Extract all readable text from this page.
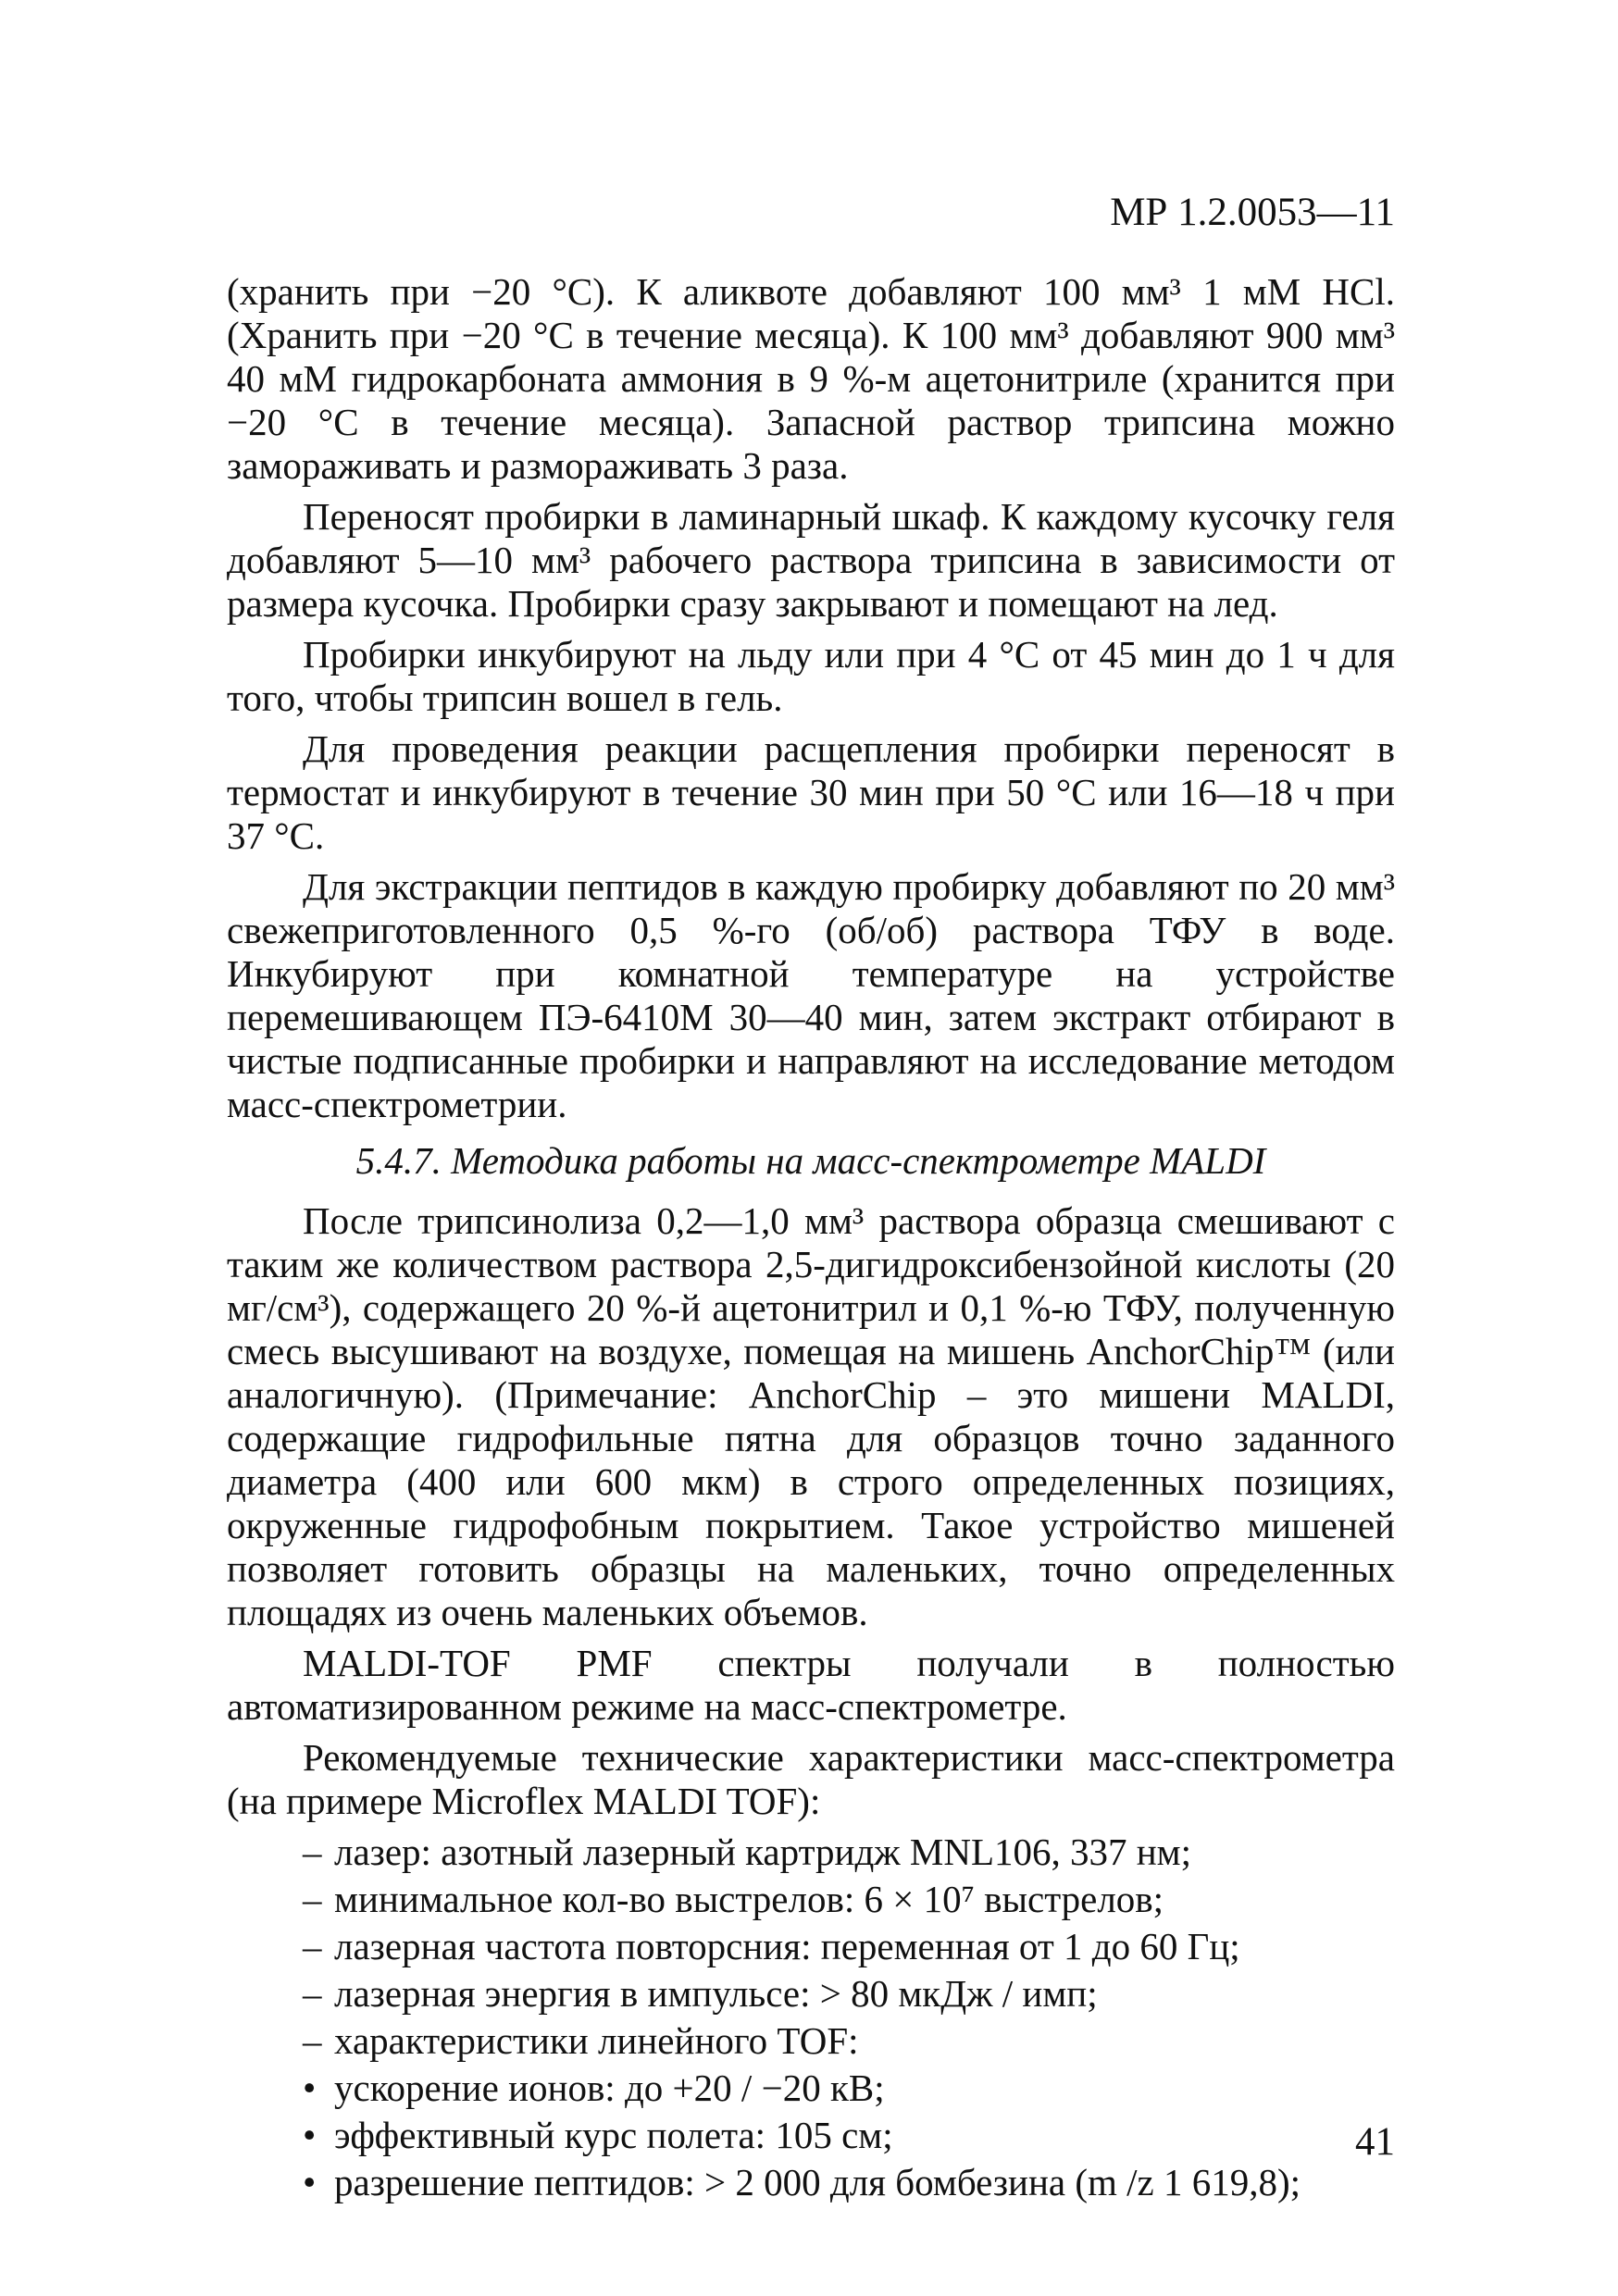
МР 1.2.0053—11

(хранить при −20 °С). К аликвоте добавляют 100 мм³ 1 мМ НСl. (Хранить при −20 °С в течение месяца). К 100 мм³ добавляют 900 мм³ 40 мМ гидрокарбоната аммония в 9 %-м ацетонитриле (хранится при −20 °С в течение месяца). Запасной раствор трипсина можно замораживать и размораживать 3 раза.

Переносят пробирки в ламинарный шкаф. К каждому кусочку геля добавляют 5—10 мм³ рабочего раствора трипсина в зависимости от размера кусочка. Пробирки сразу закрывают и помещают на лед.

Пробирки инкубируют на льду или при 4 °С от 45 мин до 1 ч для того, чтобы трипсин вошел в гель.

Для проведения реакции расщепления пробирки переносят в термостат и инкубируют в течение 30 мин при 50 °С или 16—18 ч при 37 °С.

Для экстракции пептидов в каждую пробирку добавляют по 20 мм³ свежеприготовленного 0,5 %-го (об/об) раствора ТФУ в воде. Инкубируют при комнатной температуре на устройстве перемешивающем ПЭ-6410М 30—40 мин, затем экстракт отбирают в чистые подписанные пробирки и направляют на исследование методом масс-спектрометрии.

5.4.7. Методика работы на масс-спектрометре MALDI

После трипсинолиза 0,2—1,0 мм³ раствора образца смешивают с таким же количеством раствора 2,5-дигидроксибензойной кислоты (20 мг/см³), содержащего 20 %-й ацетонитрил и 0,1 %-ю ТФУ, полученную смесь высушивают на воздухе, помещая на мишень AnchorChip™ (или аналогичную). (Примечание: AnchorChip – это мишени MALDI, содержащие гидрофильные пятна для образцов точно заданного диаметра (400 или 600 мкм) в строго определенных позициях, окруженные гидрофобным покрытием. Такое устройство мишеней позволяет готовить образцы на маленьких, точно определенных площадях из очень маленьких объемов.

MALDI-TOF PMF спектры получали в полностью автоматизированном режиме на масс-спектрометре.

Рекомендуемые технические характеристики масс-спектрометра (на примере Microflex MALDI TOF):

– лазер: азотный лазерный картридж MNL106, 337 нм;
– минимальное кол-во выстрелов: 6 × 10⁷ выстрелов;
– лазерная частота повторсния: переменная от 1 до 60 Гц;
– лазерная энергия в импульсе: > 80 мкДж / имп;
– характеристики линейного TOF:
• ускорение ионов: до +20 / −20 кВ;
• эффективный курс полета: 105 см;
• разрешение пептидов: > 2 000 для бомбезина (m /z 1 619,8);
41
